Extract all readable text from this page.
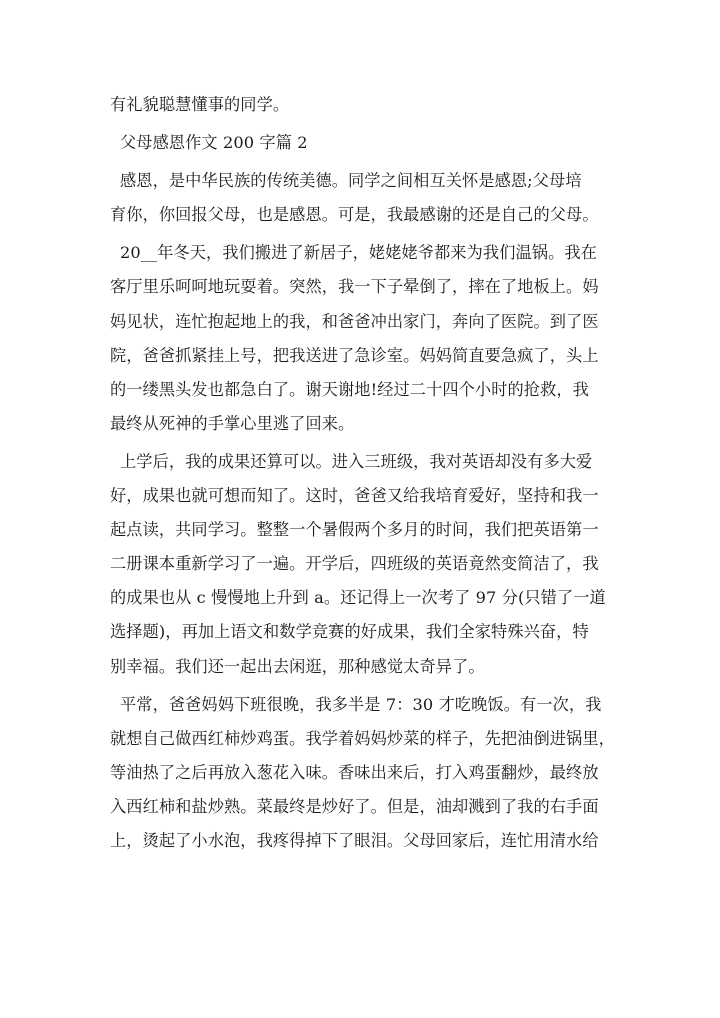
有礼貌聪慧懂事的同学。
父母感恩作文 200 字篇 2
感恩，是中华民族的传统美德。同学之间相互关怀是感恩;父母培
育你，你回报父母，也是感恩。可是，我最感谢的还是自己的父母。
20__年冬天，我们搬进了新居子，姥姥姥爷都来为我们温锅。我在
客厅里乐呵呵地玩耍着。突然，我一下子晕倒了，摔在了地板上。妈
妈见状，连忙抱起地上的我，和爸爸冲出家门，奔向了医院。到了医
院，爸爸抓紧挂上号，把我送进了急诊室。妈妈简直要急疯了，头上
的一缕黑头发也都急白了。谢天谢地!经过二十四个小时的抢救，我
最终从死神的手掌心里逃了回来。
上学后，我的成果还算可以。进入三班级，我对英语却没有多大爱
好，成果也就可想而知了。这时，爸爸又给我培育爱好，坚持和我一
起点读，共同学习。整整一个暑假两个多月的时间，我们把英语第一
二册课本重新学习了一遍。开学后，四班级的英语竟然变简洁了，我
的成果也从 c 慢慢地上升到 a。还记得上一次考了 97 分(只错了一道
选择题)，再加上语文和数学竞赛的好成果，我们全家特殊兴奋，特
别幸福。我们还一起出去闲逛，那种感觉太奇异了。
平常，爸爸妈妈下班很晚，我多半是 7：30 才吃晚饭。有一次，我
就想自己做西红柿炒鸡蛋。我学着妈妈炒菜的样子，先把油倒进锅里，
等油热了之后再放入葱花入味。香味出来后，打入鸡蛋翻炒，最终放
入西红柿和盐炒熟。菜最终是炒好了。但是，油却溅到了我的右手面
上，烫起了小水泡，我疼得掉下了眼泪。父母回家后，连忙用清水给
